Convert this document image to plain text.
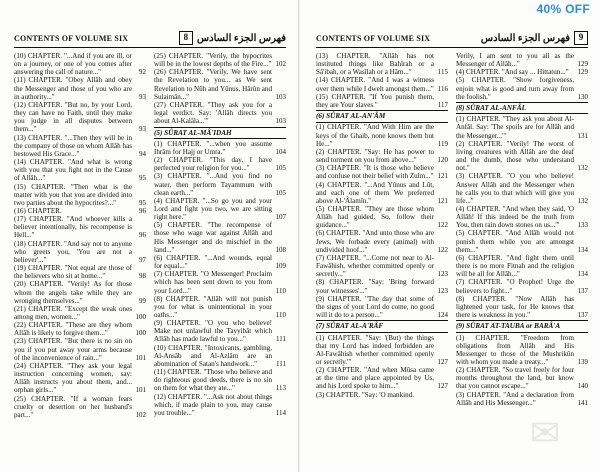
CONTENTS OF VOLUME SIX	8 فهرس الجزء السادس
(10) CHAPTER. "...And if you are ill, or on a journey, or one of you comes after answering the call of nature..."	92
(11) CHAPTER. "Obey Allâh and obey the Messenger and those of you who are in authority..."	93
(12) CHAPTER. "But no, by your Lord, they can have no Faith, until they make you judge in all disputes between them..."	93
(13) CHAPTER. "...Then they will be in the company of those on whom Allâh has bestowed His Grace..."	94
(14) CHAPTER. "And what is wrong with you that you fight not in the Cause of Allâh..."	95
(15) CHAPTER. "Then what is the matter with you that you are divided into two parties about the hypocrites?..."	95
(16) CHAPTER.	96
(17) CHAPTER. "And whoever kills a believer intentionally, his recompense is Hell..."	96
(18) CHAPTER. "And say not to anyone who greets you, 'You are not a believer'..."	97
(19) CHAPTER. "Not equal are those of the believers who sit at home..."	98
(20) CHAPTER. "Verily! As for those whom the angels take while they are wronging themselves..."	99
(21) CHAPTER. "Except the weak ones among men, women..."	100
(22) CHAPTER. "These are they whom Allâh is likely to forgive them..."	100
(23) CHAPTER. "But there is no sin on you if you put away your arms because of the inconvenience of rain..."	101
(24) CHAPTER. "They ask your legal instruction concerning women, say: Allâh instructs you about them, and... orphan girls..."	101
(25) CHAPTER. "If a woman fears cruelty or desertion on her husband's part..."	102
(25) CHAPTER. "Verily, the hypocrites will be in the lowest depths of the Fire..." 102
(26) CHAPTER. "Verily, We have sent the Revelation to you... as We sent Revelation to Nûh and Yûnus, Hârûn and Sulaimân..."	103
(27) CHAPTER. "They ask you for a legal verdict. Say: 'Allâh directs you about Al-Kalâla...'"	103
(5) SÛRAT AL-MÂ'IDAH
(1) CHAPTER. "...when you assume Ihrâm for Hajj or Umra."	104
(2) CHAPTER. "This day, I have perfected your religion for you..."	105
(3) CHAPTER. "...And you find no water, then perform Tayammum with clean earth..."	105
(4) CHAPTER. "...So go you and your Lord and fight you two, we are sitting right here."	107
(5) CHAPTER. "The recompense of those who wage war against Allâh and His Messenger and do mischief in the land..."	108
(6) CHAPTER. "...And wounds, equal for equal..."	109
(7) CHAPTER. "O Messenger! Proclaim which has been sent down to you from your Lord..."	110
(8) CHAPTER. "Allâh will not punish you for what is unintentional in your oaths..."	110
(9) CHAPTER. "O you who believe! Make not unlawful the Tayyibât which Allâh has made lawful to you..."	111
(10) CHAPTER. "Intoxicants, gambling, Al-Ansâb and Al-Azlâm are an abomination of Satan's handwork..."	111
(11) CHAPTER. "Those who believe and do righteous good deeds, there is no sin on them for what they ate..."	113
(12) CHAPTER. "...Ask not about things which, if made plain to you, may cause you trouble..."	114
CONTENTS OF VOLUME SIX	فهرس الجزء السادس 9
(13) CHAPTER. "Allâh has not instituted things like Bahîrah or a Sâ'ibah, or a Wasîlah or a Hâm..."	115
(14) CHAPTER. "And I was a witness over them while I dwelt amongst them..." 116
(15) CHAPTER. "If You punish them, they are Your slaves."	117
(6) SÛRAT AL-AN'ÂM
(1) CHAPTER. "And With Him are the keys of the Ghaib, none knows them but He..."	119
(2) CHAPTER. "Say: He has power to send torment on you from above..."	120
(3) CHAPTER. "It is those who believe and confuse not their belief with Zulm..." 121
(4) CHAPTER. "...And Yûnus and Lût, and each one of them We preferred above Al-'Âlamîn."	121
(5) CHAPTER. "They are those whom Allâh had guided. So, follow their guidance..."	122
(6) CHAPTER. "And unto those who are Jews, We forbade every (animal) with undivided hoof..."	122
(7) CHAPTER. "...Come not near to Al-Fawâhish, whether committed openly or secretly..."	123
(8) CHAPTER. "Say: 'Bring forward your witnesses'..."	123
(9) CHAPTER. "The day that some of the signs of your Lord do come, no good will it do to a person..."	124
(7) SÛRAT AL-A'RÂF
(1) CHAPTER. "Say: '(But) the things that my Lord has indeed forbidden are Al-Fawâhish whether committed openly or secretly.'"	127
(2) CHAPTER. "And when Mûsa came at the time and place appointed by Us, and his Lord spoke to him..."	127
(3) CHAPTER. "Say: 'O mankind.
Verily, I am sent to you all as the Messenger of Allâh..."	129
(4) CHAPTER. "And say ... Hittatun..." 129
(5) CHAPTER. "Show forgiveness, enjoin what is good and turn away from the foolish."	130
(8) SÛRAT AL-ANFÂL
(1) CHAPTER. "They ask you about Al-Anfâl. Say: 'The spoils are for Allâh and the Messenger...'"	131
(2) CHAPTER. "Verily! The worst of living creatures with Allâh are the deaf and the dumb, those who understand not."	132
(3) CHAPTER. "O you who believe! Answer Allâh and the Messenger when he calls you to that which will give you life..."	132
(4) CHAPTER. "And when they said, 'O Allâh! If this indeed be the truth from You, then rain down stones on us...'"	133
(5) CHAPTER. "And Allâh would not punish them while you are amongst them..."	134
(6) CHAPTER. "And fight them until there is no more Fitnah and the religion will be all for Allâh..."	134
(7) CHAPTER. "O Prophet! Urge the believers to fight..."	137
(8) CHAPTER. "Now Allâh has lightened your task, for He knows that there is weakness in you."	137
(9) SÛRAT AT-TAUBA or BARÂ'A
(1) CHAPTER. "Freedom from obligations from Allâh and His Messenger to those of the Mushrikûn with whom you made a treaty..."	139
(2) CHAPTER. "So travel freely for four months throughout the land, but know that you cannot escape..."	140
(3) CHAPTER. "And a declaration from Allâh and His Messenger..."	141
40% OFF
✉
